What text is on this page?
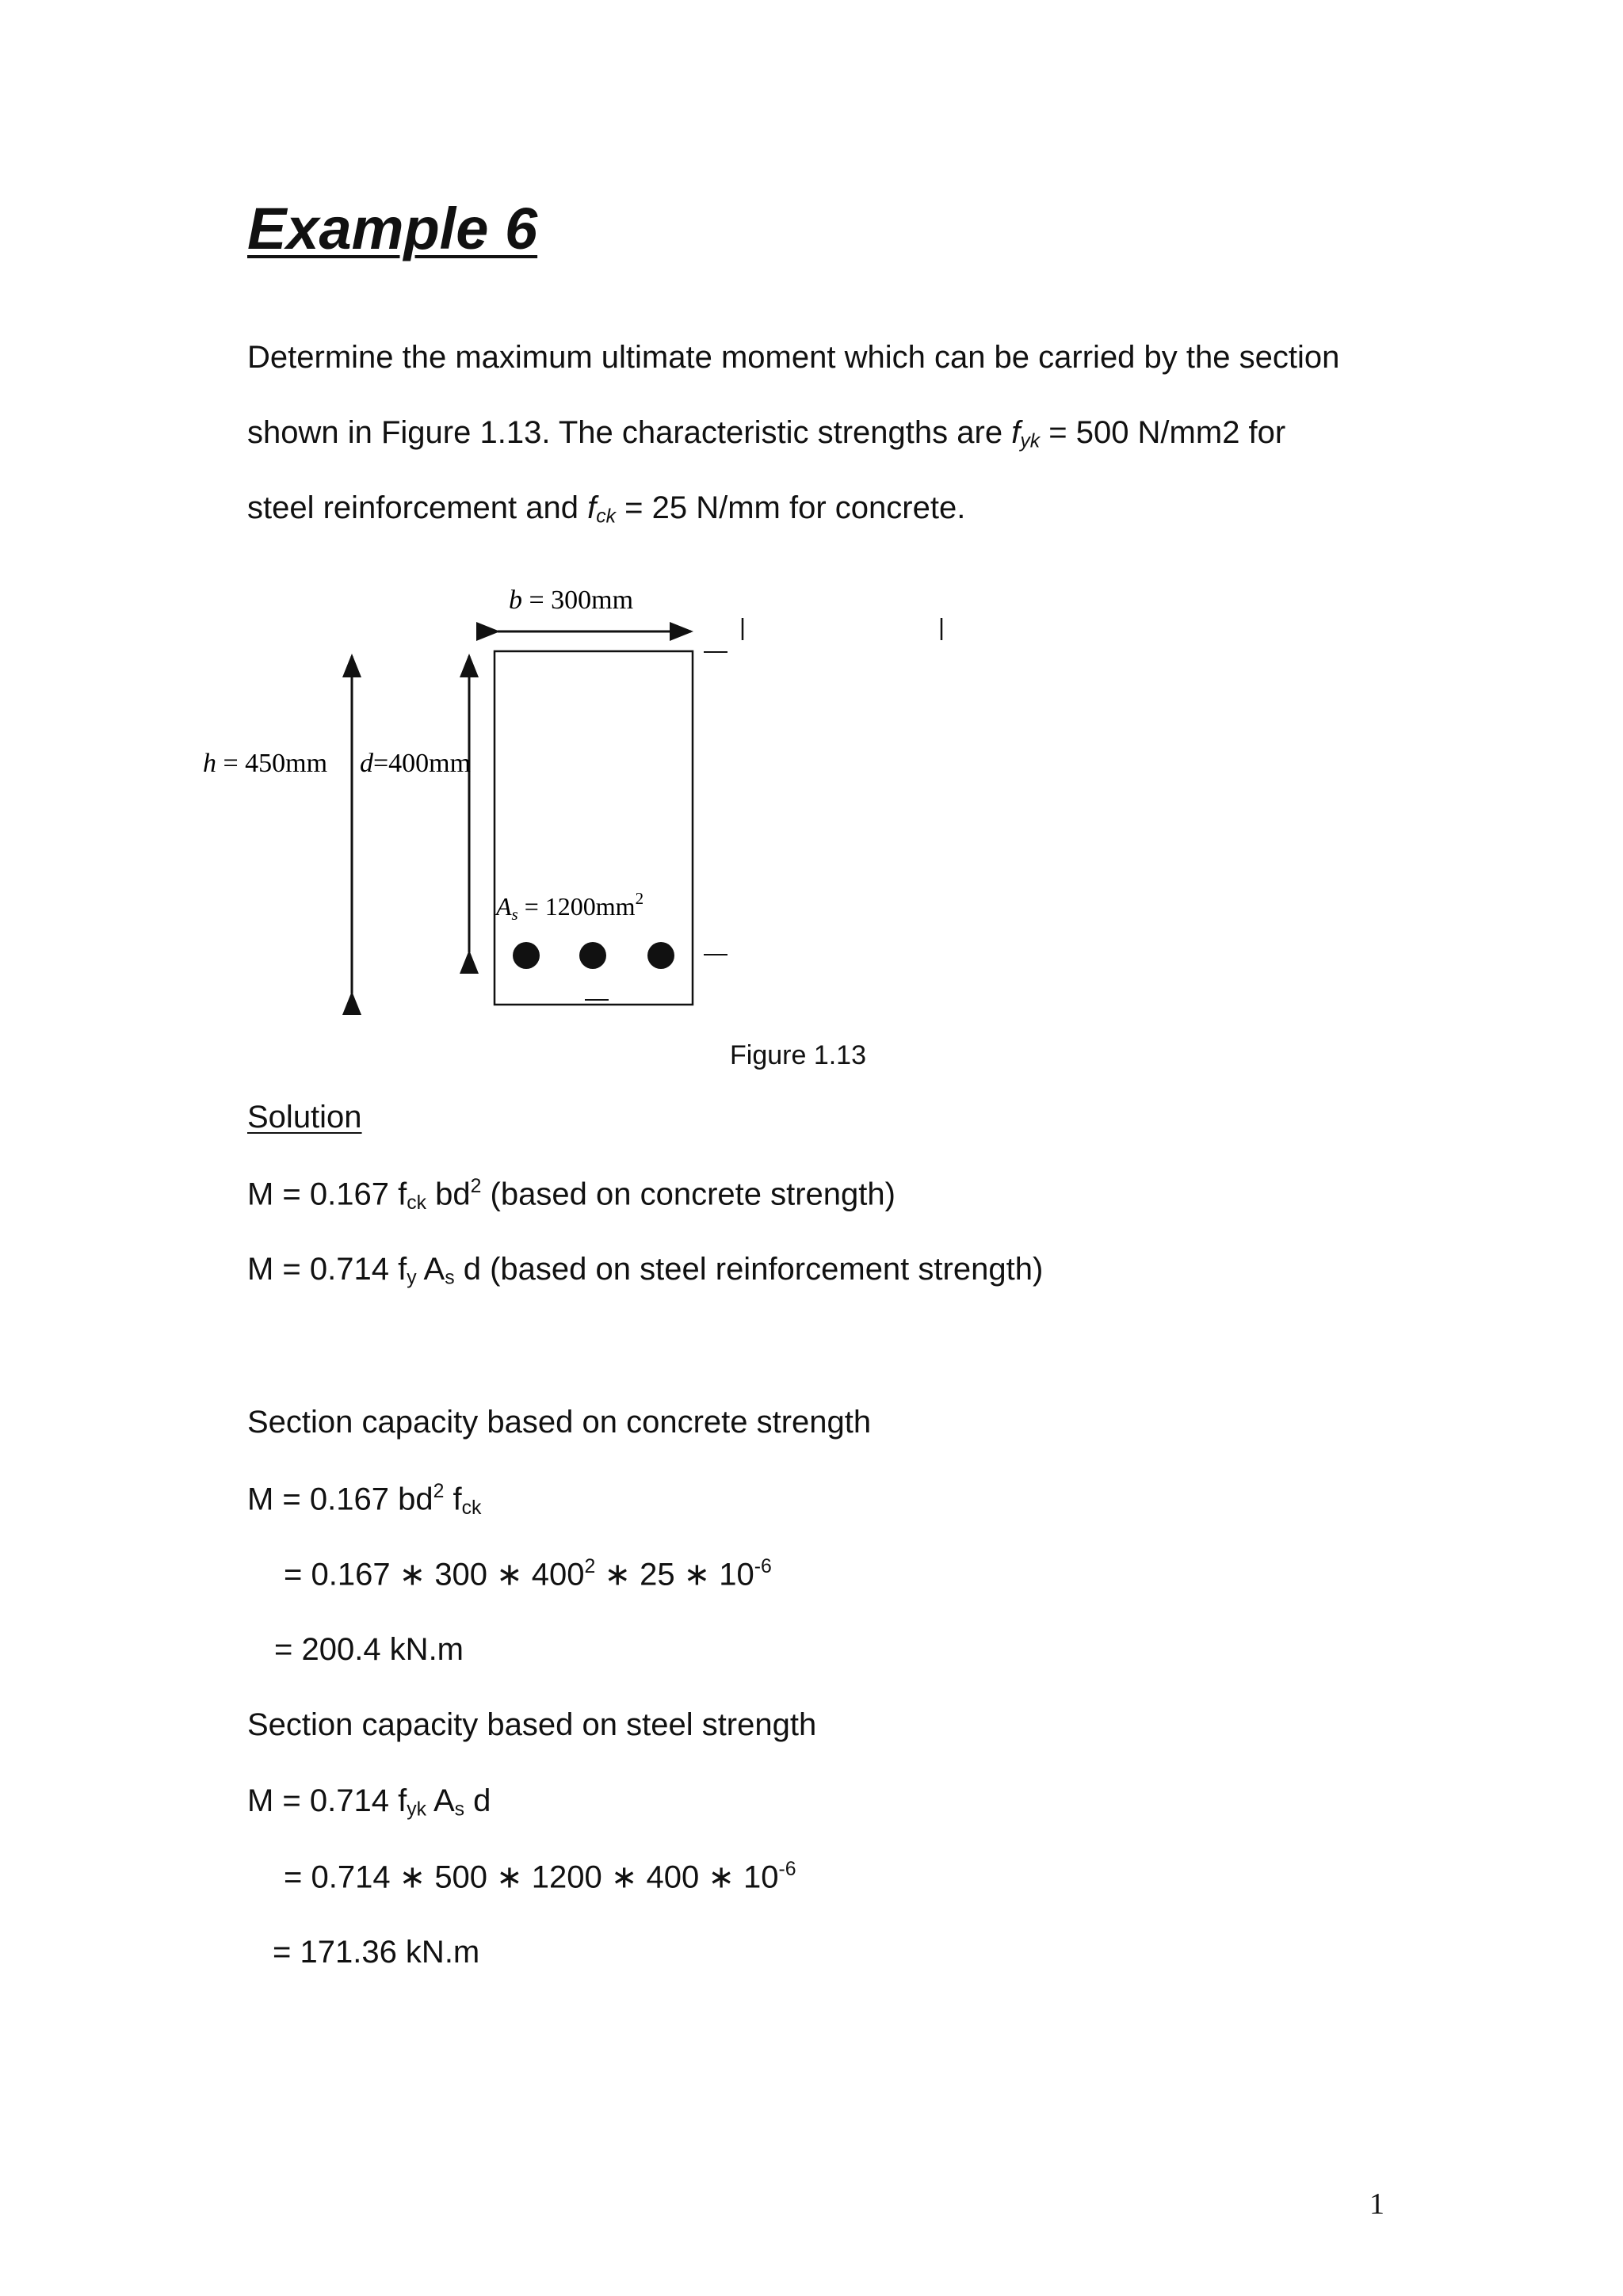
Example 6
Determine the maximum ultimate moment which can be carried by the section
shown in Figure 1.13. The characteristic strengths are $f_{yk} = 500$ N/mm2 for
steel reinforcement and $f_{ck} = 25$ N/mm for concrete.
b = 300mm
h = 450mm d=400mm
$As = 1200mm^2$
Figure 1.13
Solution
M = 0.167 $f_{ck}$ $bd^2$ (based on concrete strength)
M = 0.714 $f_y$ $A_s$ d (based on steel reinforcement strength)
Section capacity based on concrete strength
M = 0.167 $bd^2$ $f_{ck}$
= 0.167 ∗ 300 ∗ $400^2$ ∗ 25 ∗ $10^{-6}$
= 200.4 kN.m
Section capacity based on steel strength
M = 0.714 $f_{yk}$ $A_s$ d
= 0.714 ∗ 500 ∗ 1200 ∗ 400 ∗ $10^{-6}$
= 171.36 kN.m
1
